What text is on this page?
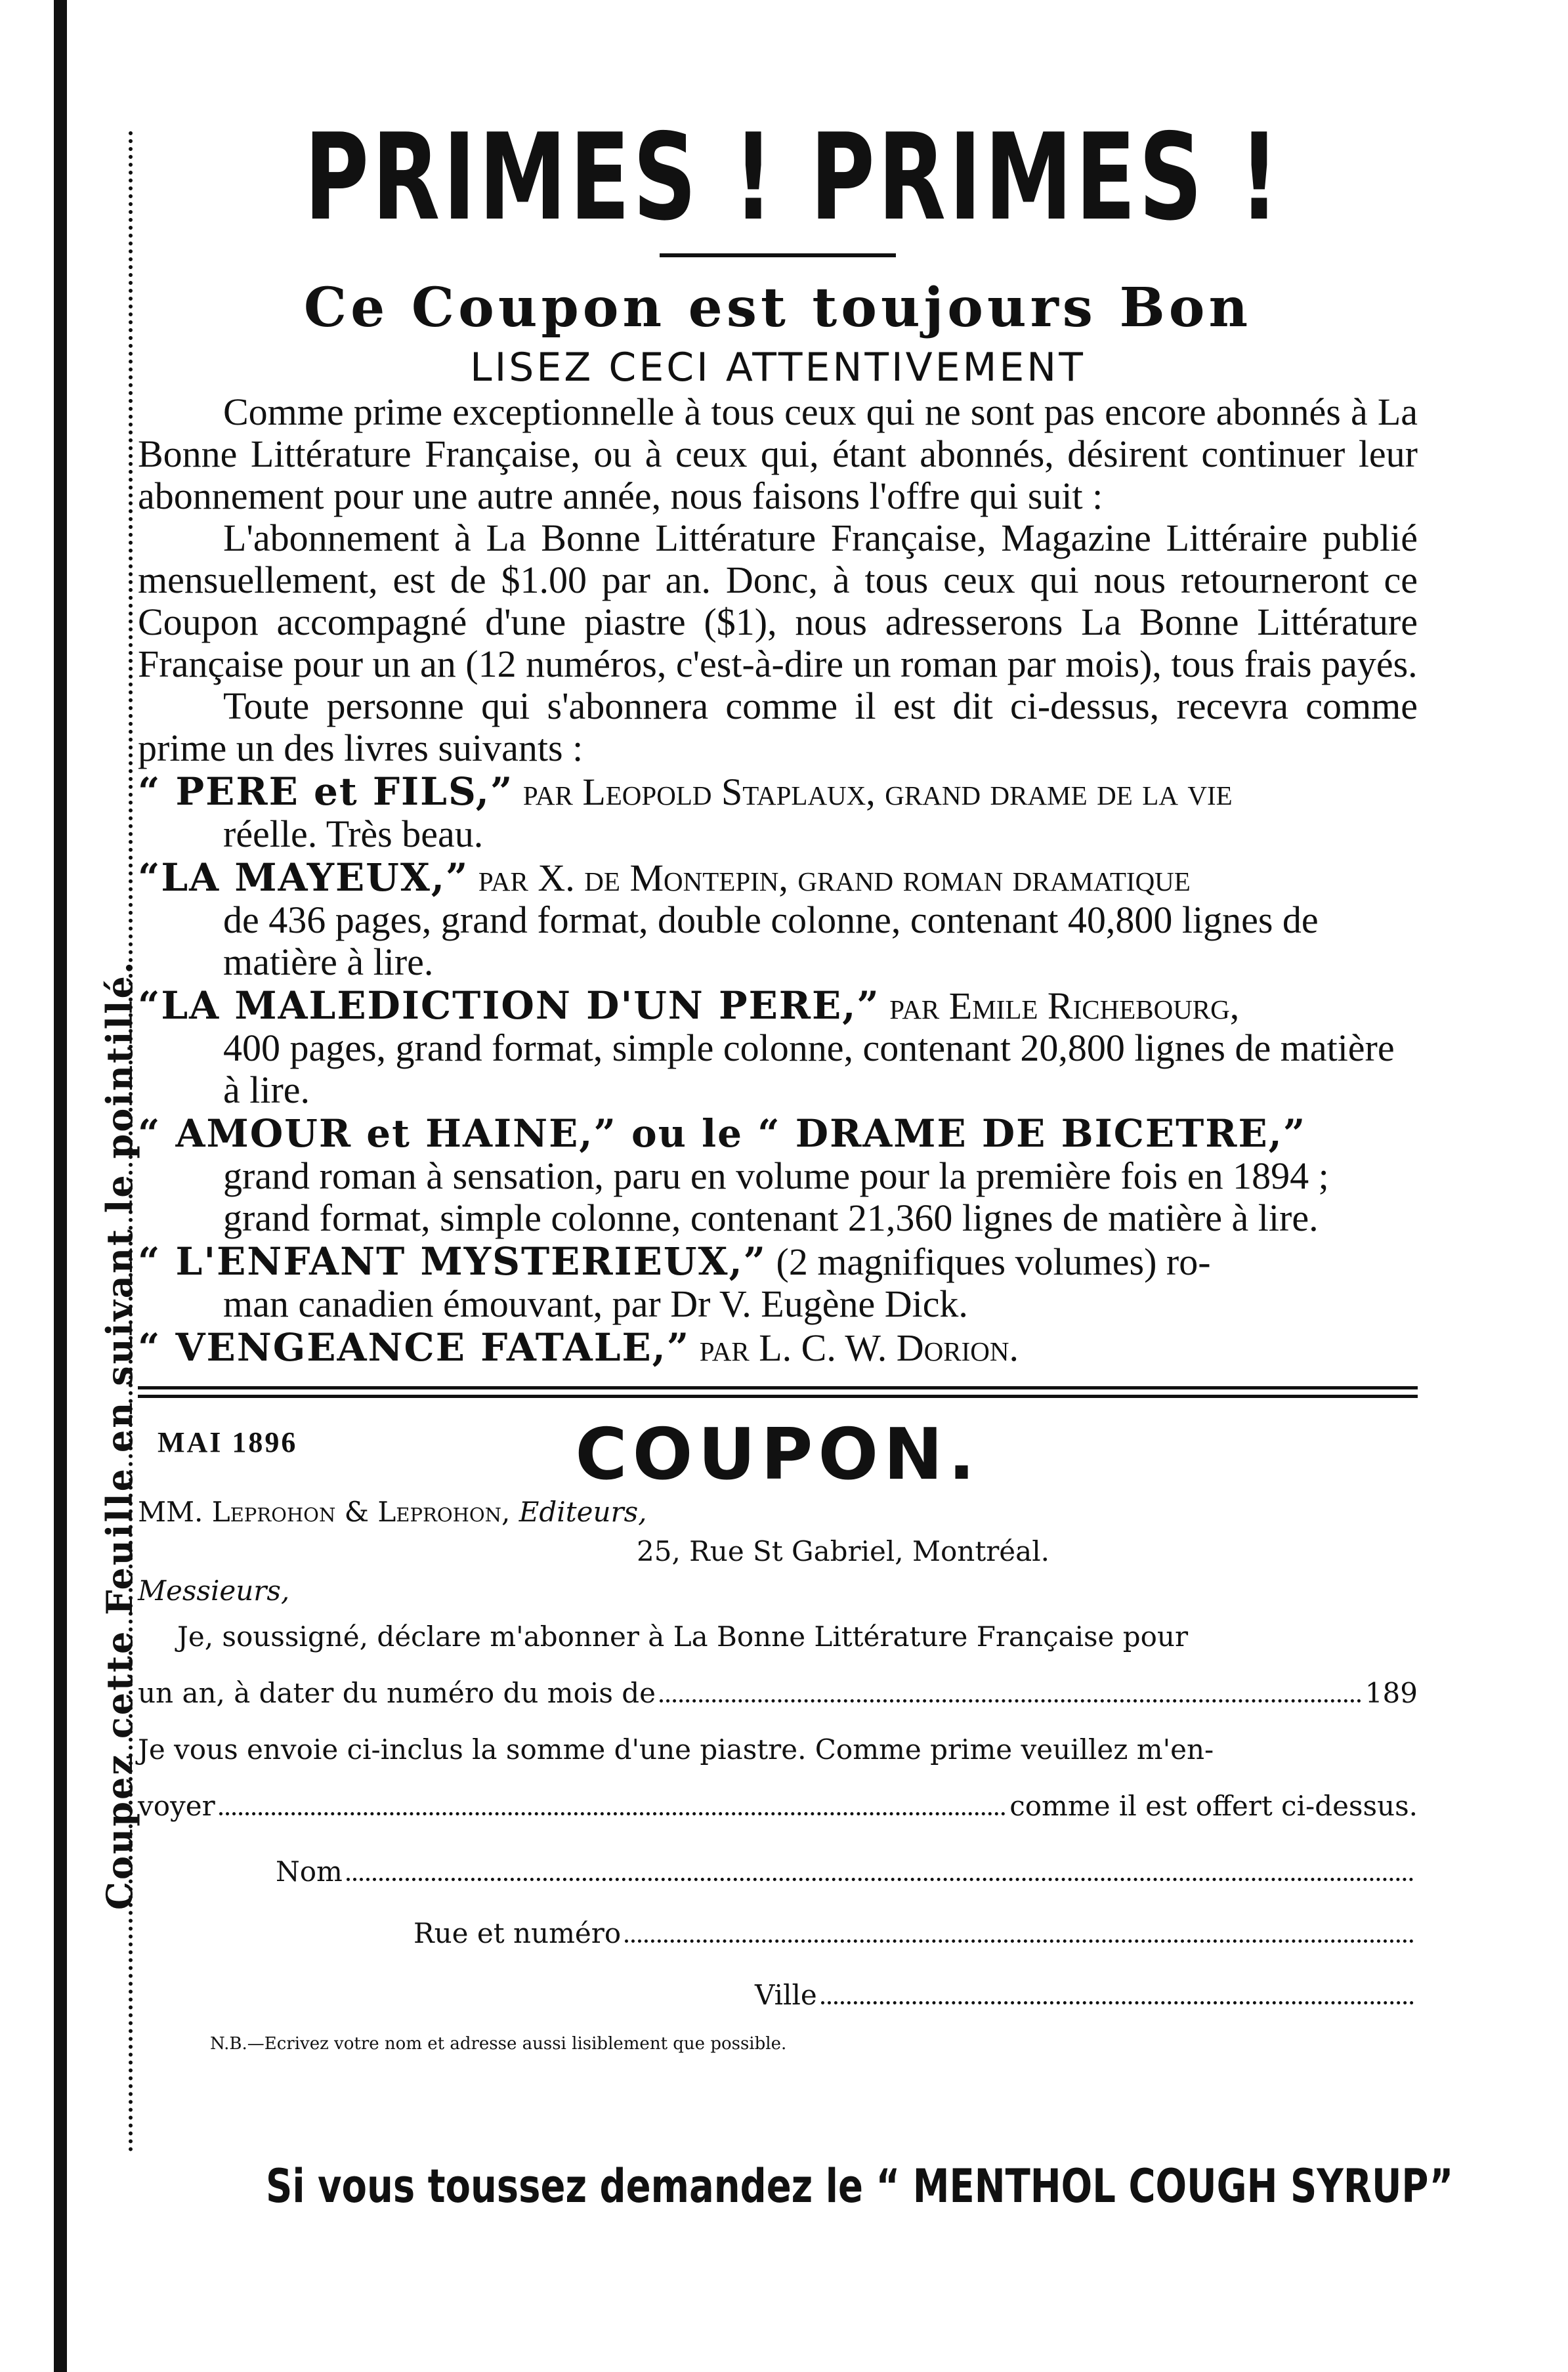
Coupez cette Feuille en suivant le pointillé.
PRIMES ! PRIMES !
Ce Coupon est toujours Bon
LISEZ CECI ATTENTIVEMENT

Comme prime exceptionnelle à tous ceux qui ne sont pas encore abonnés à La Bonne Littérature Française, ou à ceux qui, étant abonnés, désirent continuer leur abonnement pour une autre année, nous faisons l'offre qui suit :

L'abonnement à La Bonne Littérature Française, Magazine Littéraire publié mensuellement, est de $1.00 par an. Donc, à tous ceux qui nous retourneront ce Coupon accompagné d'une piastre ($1), nous adresserons La Bonne Littérature Française pour un an (12 numéros, c'est-à-dire un roman par mois), tous frais payés.

Toute personne qui s'abonnera comme il est dit ci-dessus, recevra comme prime un des livres suivants :

“ PERE et FILS,” par Leopold Staplaux, grand drame de la vie
réelle. Très beau.
“LA MAYEUX,” par X. de Montepin, grand roman dramatique
de 436 pages, grand format, double colonne, contenant 40,800 lignes de matière à lire.
“LA MALEDICTION D'UN PERE,” par Emile Richebourg,
400 pages, grand format, simple colonne, contenant 20,800 lignes de matière à lire.
“ AMOUR et HAINE,” ou le “ DRAME DE BICETRE,”
grand roman à sensation, paru en volume pour la première fois en 1894 ; grand format, simple colonne, contenant 21,360 lignes de matière à lire.
“ L'ENFANT MYSTERIEUX,” (2 magnifiques volumes) ro-
man canadien émouvant, par Dr V. Eugène Dick.
“ VENGEANCE FATALE,” par L. C. W. Dorion.
MAI 1896	COUPON.
MM. Leprohon & Leprohon, Editeurs,
25, Rue St Gabriel, Montréal.
Messieurs,
Je, soussigné, déclare m'abonner à La Bonne Littérature Française pour
un an, à dater du numéro du mois de	189
Je vous envoie ci-inclus la somme d'une piastre. Comme prime veuillez m'en-
voyer	comme il est offert ci-dessus.
Nom
Rue et numéro
Ville
N.B.—Ecrivez votre nom et adresse aussi lisiblement que possible.
Si vous toussez demandez le “ MENTHOL COUGH SYRUP”
